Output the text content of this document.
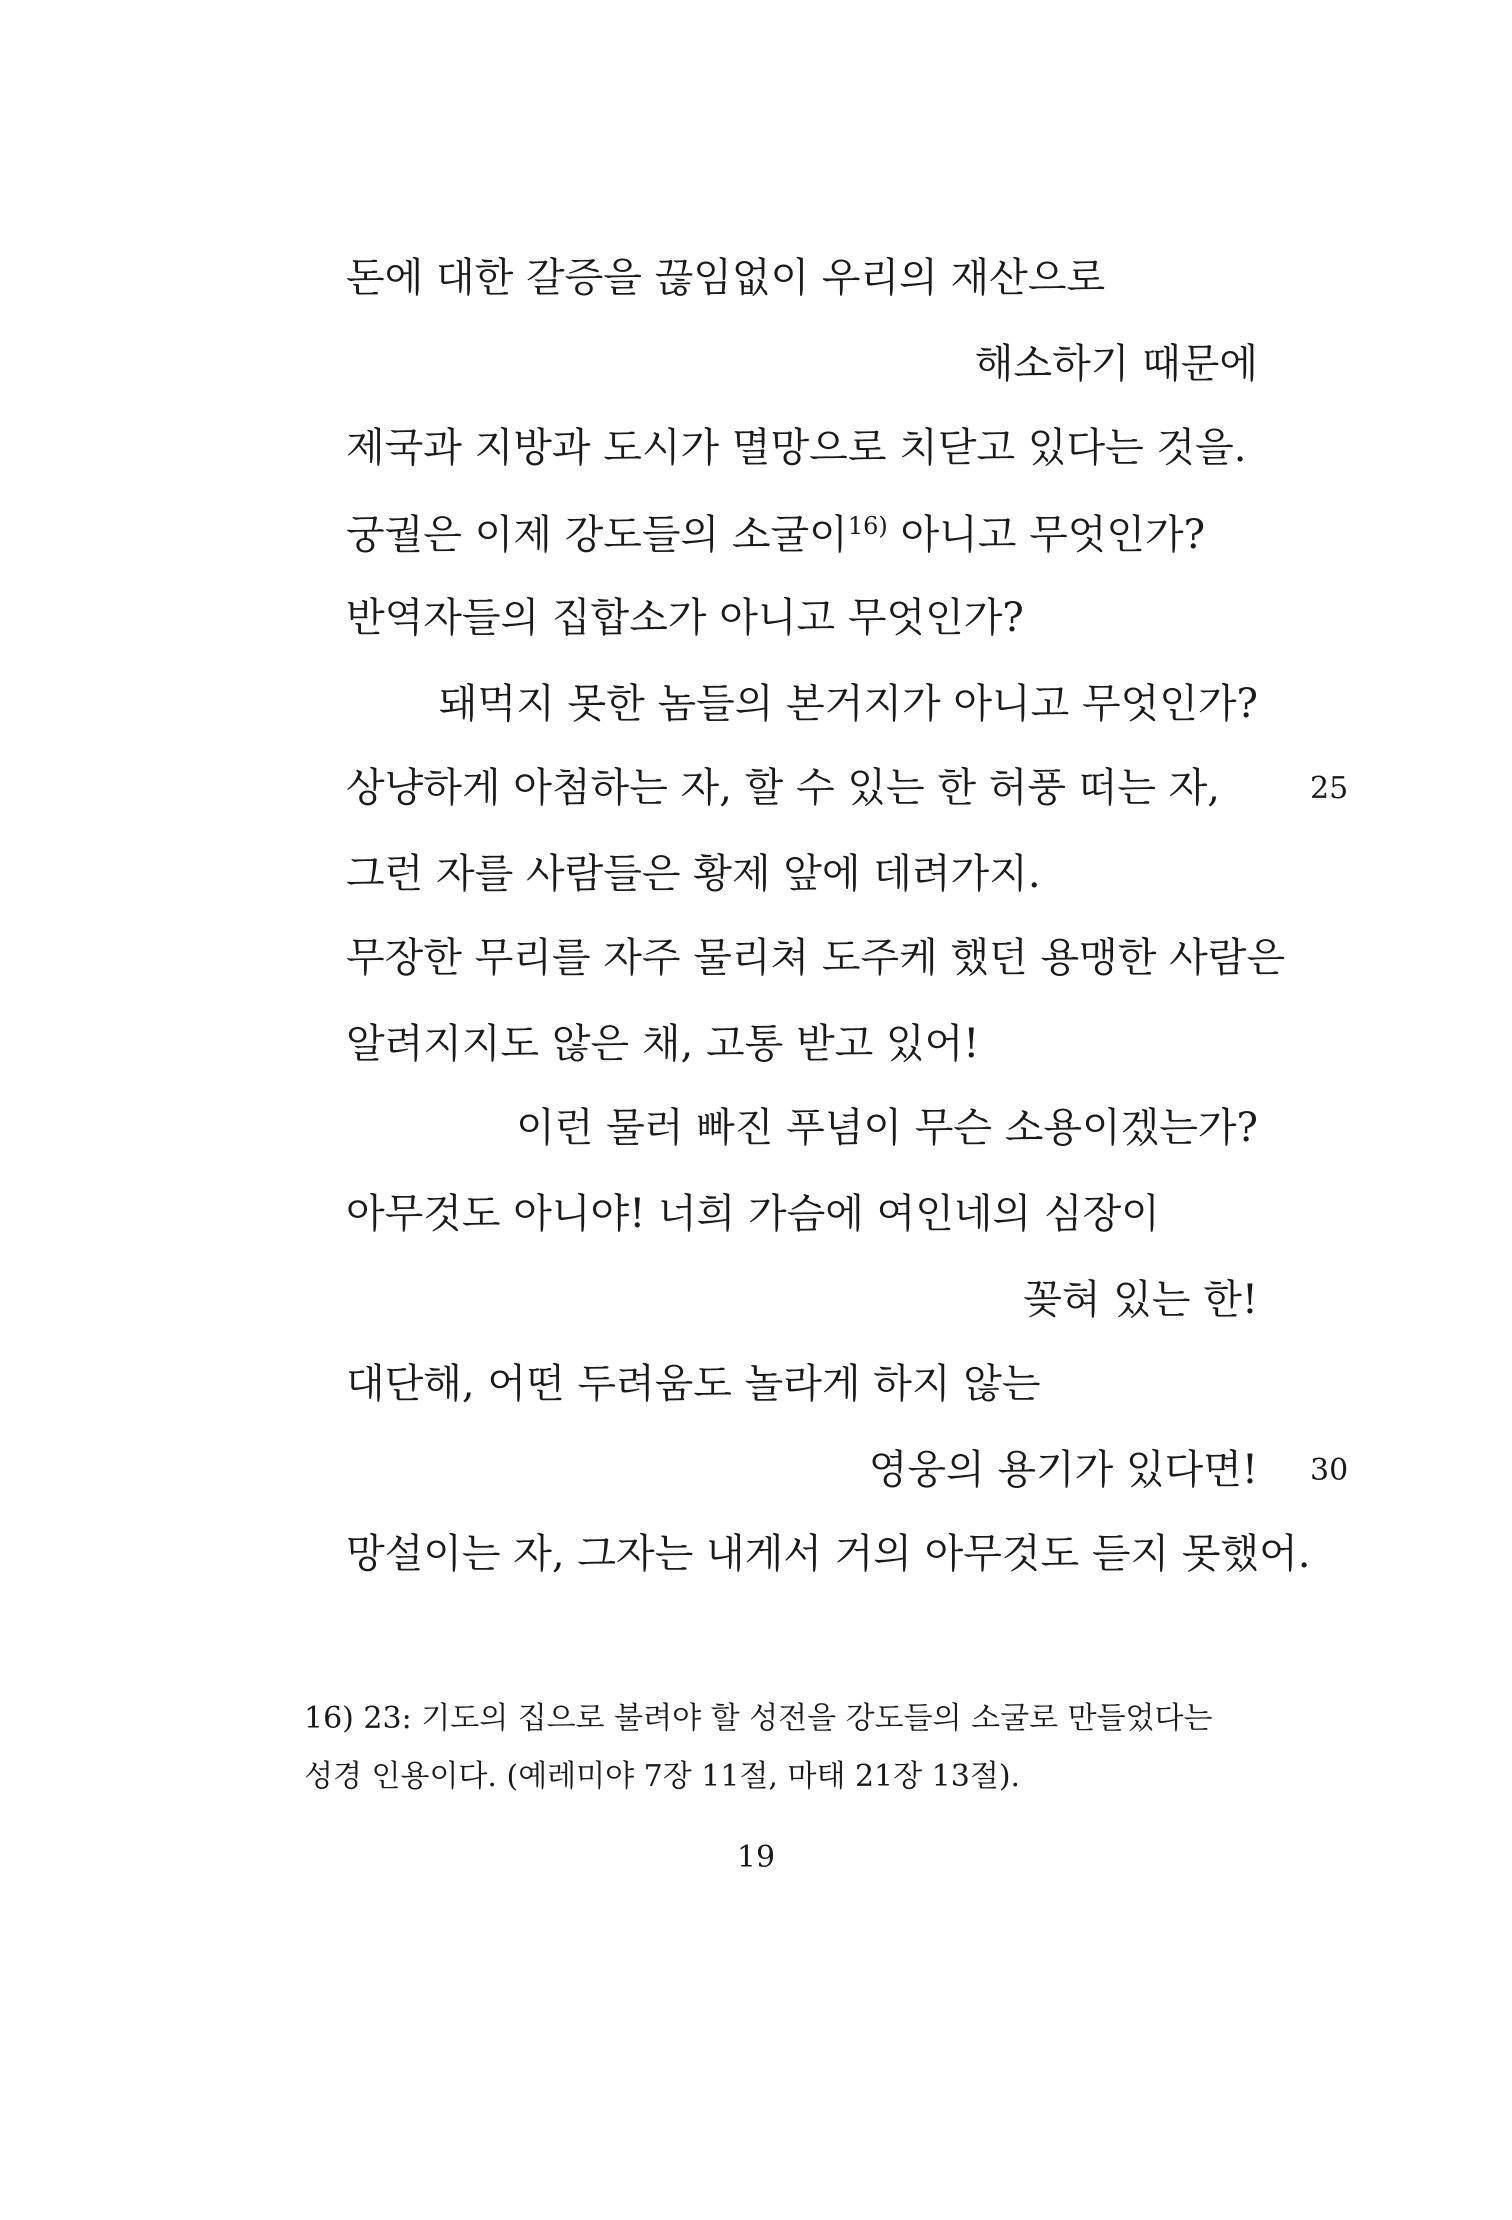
돈에 대한 갈증을 끊임없이 우리의 재산으로
해소하기 때문에
제국과 지방과 도시가 멸망으로 치닫고 있다는 것을.
궁궐은 이제 강도들의 소굴이$^{16)}$ 아니고 무엇인가?
반역자들의 집합소가 아니고 무엇인가?
돼먹지 못한 놈들의 본거지가 아니고 무엇인가?
상냥하게 아첨하는 자, 할 수 있는 한 허풍 떠는 자,	25
그런 자를 사람들은 황제 앞에 데려가지.
무장한 무리를 자주 물리쳐 도주케 했던 용맹한 사람은
알려지지도 않은 채, 고통 받고 있어!
이런 물러 빠진 푸념이 무슨 소용이겠는가?
아무것도 아니야! 너희 가슴에 여인네의 심장이
꽂혀 있는 한!
대단해, 어떤 두려움도 놀라게 하지 않는
영웅의 용기가 있다면! 30
망설이는 자, 그자는 내게서 거의 아무것도 듣지 못했어.
16) 23: 기도의 집으로 불려야 할 성전을 강도들의 소굴로 만들었다는
성경 인용이다. (예레미야 7장 11절, 마태 21장 13절).
19
